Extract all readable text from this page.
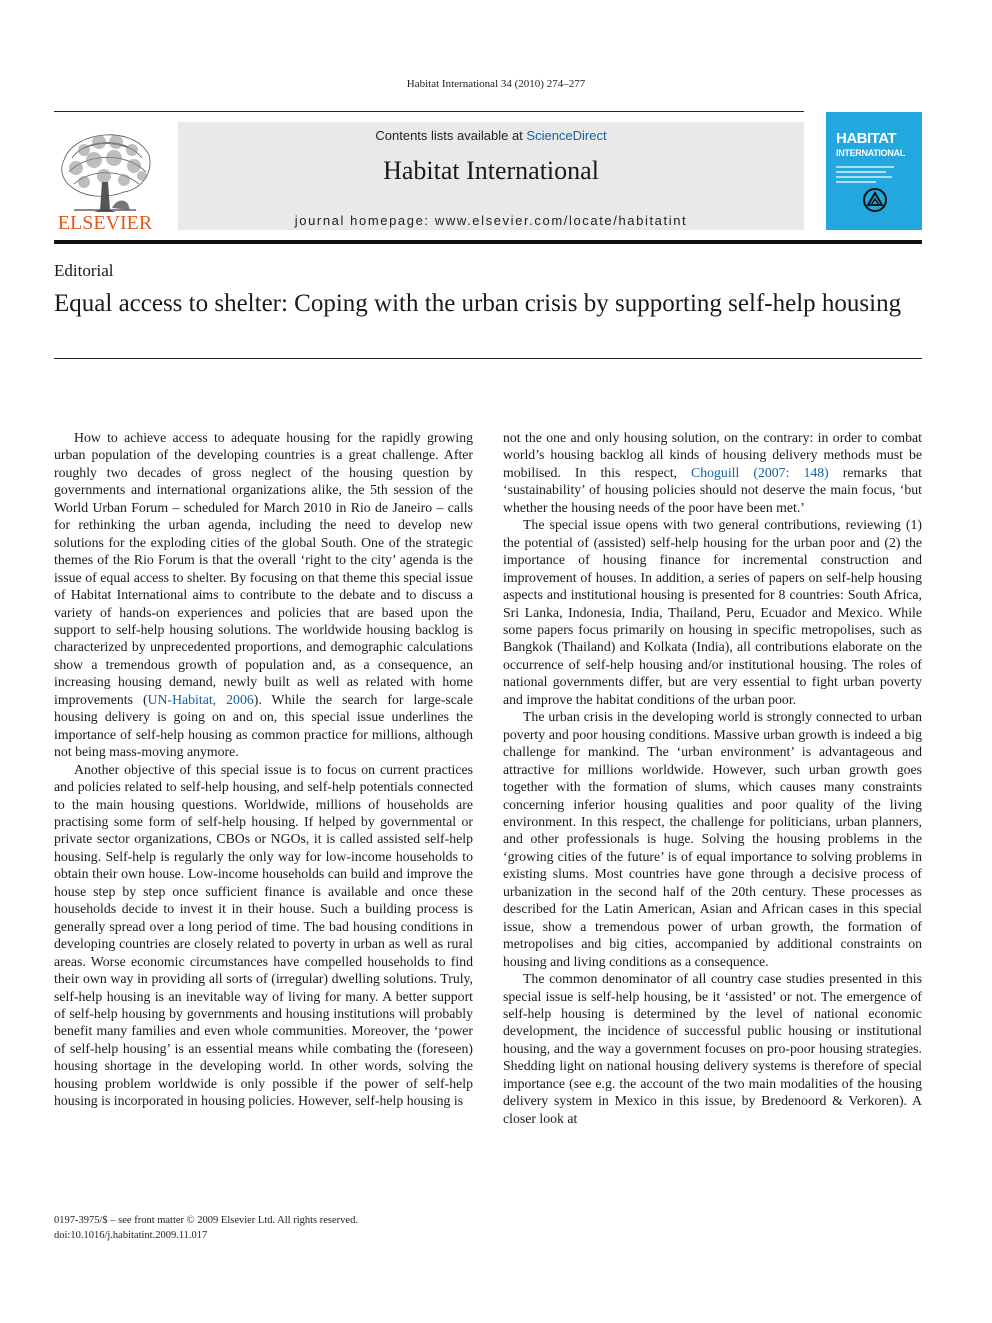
Habitat International 34 (2010) 274–277
ELSEVIER
Contents lists available at ScienceDirect
Habitat International
journal homepage: www.elsevier.com/locate/habitatint
HABITAT
INTERNATIONAL
Editorial
Equal access to shelter: Coping with the urban crisis by supporting self-help housing

How to achieve access to adequate housing for the rapidly growing urban population of the developing countries is a great challenge. After roughly two decades of gross neglect of the housing question by governments and international organizations alike, the 5th session of the World Urban Forum – scheduled for March 2010 in Rio de Janeiro – calls for rethinking the urban agenda, including the need to develop new solutions for the exploding cities of the global South. One of the strategic themes of the Rio Forum is that the overall ‘right to the city’ agenda is the issue of equal access to shelter. By focusing on that theme this special issue of Habitat International aims to contribute to the debate and to discuss a variety of hands-on experiences and policies that are based upon the support to self-help housing solutions. The worldwide housing backlog is characterized by unprecedented proportions, and demographic calculations show a tremendous growth of population and, as a consequence, an increasing housing demand, newly built as well as related with home improvements (UN-Habitat, 2006). While the search for large-scale housing delivery is going on and on, this special issue underlines the importance of self-help housing as common practice for millions, although not being mass-moving anymore.

Another objective of this special issue is to focus on current practices and policies related to self-help housing, and self-help potentials connected to the main housing questions. Worldwide, millions of households are practising some form of self-help housing. If helped by governmental or private sector organizations, CBOs or NGOs, it is called assisted self-help housing. Self-help is regularly the only way for low-income households to obtain their own house. Low-income households can build and improve the house step by step once sufficient finance is available and once these households decide to invest it in their house. Such a building process is generally spread over a long period of time. The bad housing conditions in developing countries are closely related to poverty in urban as well as rural areas. Worse economic circumstances have compelled households to find their own way in providing all sorts of (irregular) dwelling solutions. Truly, self-help housing is an inevitable way of living for many. A better support of self-help housing by governments and housing institutions will probably benefit many families and even whole communities. Moreover, the ‘power of self-help housing’ is an essential means while combating the (foreseen) housing shortage in the developing world. In other words, solving the housing problem worldwide is only possible if the power of self-help housing is incorporated in housing policies. However, self-help housing is

not the one and only housing solution, on the contrary: in order to combat world’s housing backlog all kinds of housing delivery methods must be mobilised. In this respect, Choguill (2007: 148) remarks that ‘sustainability’ of housing policies should not deserve the main focus, ‘but whether the housing needs of the poor have been met.’

The special issue opens with two general contributions, reviewing (1) the potential of (assisted) self-help housing for the urban poor and (2) the importance of housing finance for incremental construction and improvement of houses. In addition, a series of papers on self-help housing aspects and institutional housing is presented for 8 countries: South Africa, Sri Lanka, Indonesia, India, Thailand, Peru, Ecuador and Mexico. While some papers focus primarily on housing in specific metropolises, such as Bangkok (Thailand) and Kolkata (India), all contributions elaborate on the occurrence of self-help housing and/or institutional housing. The roles of national governments differ, but are very essential to fight urban poverty and improve the habitat conditions of the urban poor.

The urban crisis in the developing world is strongly connected to urban poverty and poor housing conditions. Massive urban growth is indeed a big challenge for mankind. The ‘urban environment’ is advantageous and attractive for millions worldwide. However, such urban growth goes together with the formation of slums, which causes many constraints concerning inferior housing qualities and poor quality of the living environment. In this respect, the challenge for politicians, urban planners, and other professionals is huge. Solving the housing problems in the ‘growing cities of the future’ is of equal importance to solving problems in existing slums. Most countries have gone through a decisive process of urbanization in the second half of the 20th century. These processes as described for the Latin American, Asian and African cases in this special issue, show a tremendous power of urban growth, the formation of metropolises and big cities, accompanied by additional constraints on housing and living conditions as a consequence.

The common denominator of all country case studies presented in this special issue is self-help housing, be it ‘assisted’ or not. The emergence of self-help housing is determined by the level of national economic development, the incidence of successful public housing or institutional housing, and the way a government focuses on pro-poor housing strategies. Shedding light on national housing delivery systems is therefore of special importance (see e.g. the account of the two main modalities of the housing delivery system in Mexico in this issue, by Bredenoord & Verkoren). A closer look at

0197-3975/$ – see front matter © 2009 Elsevier Ltd. All rights reserved.
doi:10.1016/j.habitatint.2009.11.017
